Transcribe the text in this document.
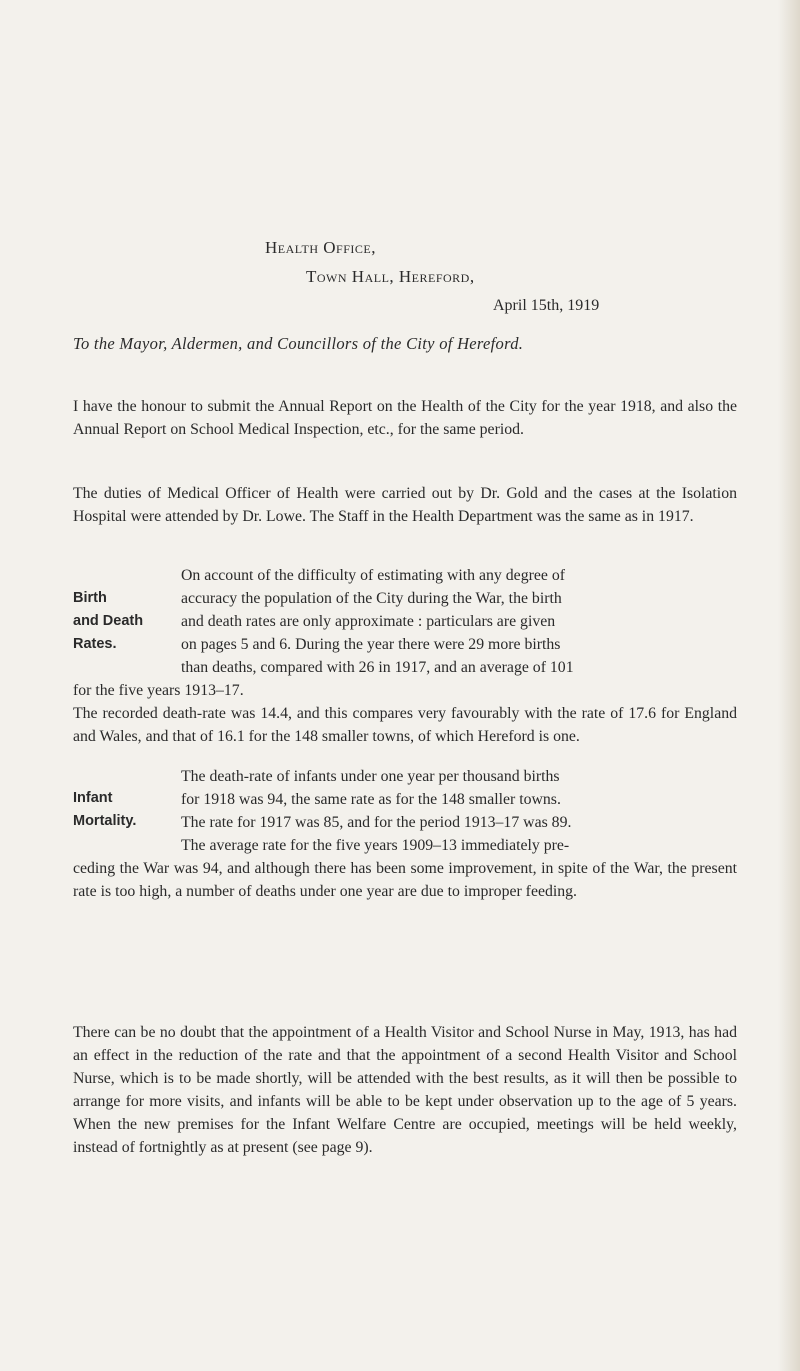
Health Office,
Town Hall, Hereford,
April 15th, 1919
To the Mayor, Aldermen, and Councillors of the City of Hereford.
I have the honour to submit the Annual Report on the Health of the City for the year 1918, and also the Annual Report on School Medical Inspection, etc., for the same period.
The duties of Medical Officer of Health were carried out by Dr. Gold and the cases at the Isolation Hospital were attended by Dr. Lowe. The Staff in the Health Department was the same as in 1917.
Birth
and Death
Rates.
On account of the difficulty of estimating with any degree of
accuracy the population of the City during the War, the birth
and death rates are only approximate : particulars are given
on pages 5 and 6. During the year there were 29 more births
than deaths, compared with 26 in 1917, and an average of 101
for the five years 1913–17.
The recorded death-rate was 14.4, and this compares very favourably with the rate of 17.6 for England and Wales, and that of 16.1 for the 148 smaller towns, of which Hereford is one.
Infant
Mortality.
The death-rate of infants under one year per thousand births
for 1918 was 94, the same rate as for the 148 smaller towns.
The rate for 1917 was 85, and for the period 1913–17 was 89.
The average rate for the five years 1909–13 immediately pre-
ceding the War was 94, and although there has been some improvement, in spite of the War, the present rate is too high, a number of deaths under one year are due to improper feeding.
There can be no doubt that the appointment of a Health Visitor and School Nurse in May, 1913, has had an effect in the reduction of the rate and that the appointment of a second Health Visitor and School Nurse, which is to be made shortly, will be attended with the best results, as it will then be possible to arrange for more visits, and infants will be able to be kept under observation up to the age of 5 years. When the new premises for the Infant Welfare Centre are occupied, meetings will be held weekly, instead of fortnightly as at present (see page 9).
